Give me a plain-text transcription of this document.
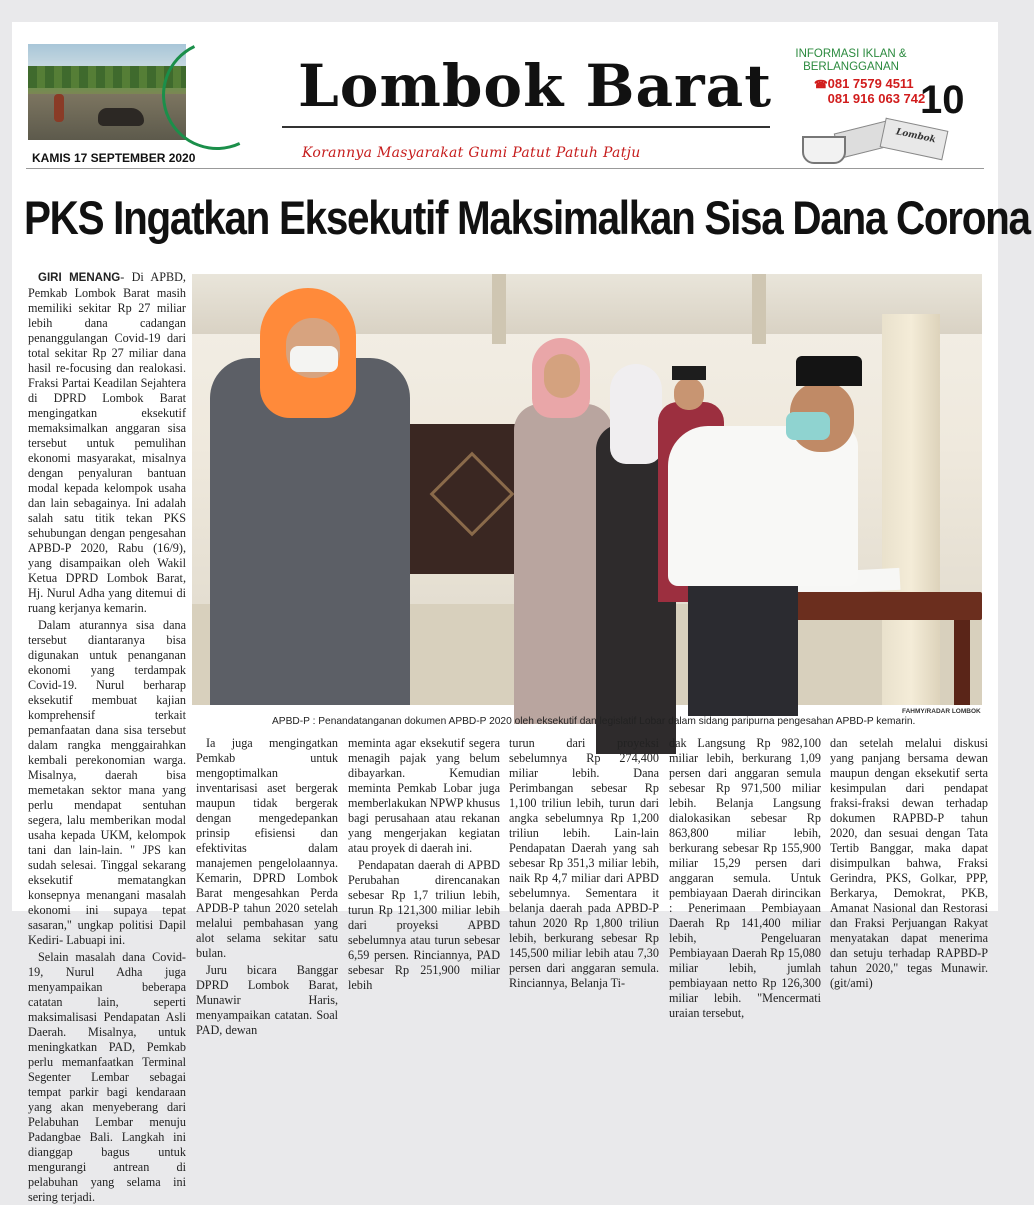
Lombok Barat
Korannya Masyarakat Gumi Patut Patuh Patju
KAMIS 17 SEPTEMBER 2020
INFORMASI IKLAN &
BERLANGGANAN
☎ 081 7579 4511
081 916 063 742
10
Lombok
PKS Ingatkan Eksekutif Maksimalkan Sisa Dana Corona

GIRI MENANG- Di APBD, Pemkab Lombok Barat masih memiliki sekitar Rp 27 miliar lebih dana cadangan penanggulangan Covid-19 dari total sekitar Rp 27 miliar dana hasil re-focusing dan realokasi. Fraksi Partai Keadilan Sejahtera di DPRD Lombok Barat mengingatkan eksekutif memaksimalkan anggaran sisa tersebut untuk pemulihan ekonomi masyarakat, misalnya dengan penyaluran bantuan modal kepada kelompok usaha dan lain sebagainya. Ini adalah salah satu titik tekan PKS sehubungan dengan pengesahan APBD-P 2020, Rabu (16/9), yang disampaikan oleh Wakil Ketua DPRD Lombok Barat, Hj. Nurul Adha yang ditemui di ruang kerjanya kemarin.

Dalam aturannya sisa dana tersebut diantaranya bisa digunakan untuk penanganan ekonomi yang terdampak Covid-19. Nurul berharap eksekutif membuat kajian komprehensif terkait pemanfaatan dana sisa tersebut dalam rangka menggairahkan kembali perekonomian warga. Misalnya, daerah bisa memetakan sektor mana yang perlu mendapat sentuhan segera, lalu memberikan modal usaha kepada UKM, kelompok tani dan lain-lain. " JPS kan sudah selesai. Tinggal sekarang eksekutif mematangkan konsepnya menangani masalah ekonomi ini supaya tepat sasaran," ungkap politisi Dapil Kediri- Labuapi ini.

Selain masalah dana Covid-19, Nurul Adha juga menyampaikan beberapa catatan lain, seperti maksimalisasi Pendapatan Asli Daerah. Misalnya, untuk meningkatkan PAD, Pemkab perlu memanfaatkan Terminal Segenter Lembar sebagai tempat parkir bagi kendaraan yang akan menyeberang dari Pelabuhan Lembar menuju Padangbae Bali. Langkah ini dianggap bagus untuk mengurangi antrean di pelabuhan yang selama ini sering terjadi.

FAHMY/RADAR LOMBOK
APBD-P : Penandatanganan dokumen APBD-P 2020 oleh eksekutif dan legislatif Lobar dalam sidang paripurna pengesahan APBD-P kemarin.

Ia juga mengingatkan Pemkab untuk mengoptimalkan inventarisasi aset bergerak maupun tidak bergerak dengan mengedepankan prinsip efisiensi dan efektivitas dalam manajemen pengelolaannya. Kemarin, DPRD Lombok Barat mengesahkan Perda APDB-P tahun 2020 setelah melalui pembahasan yang alot selama sekitar satu bulan.

Juru bicara Banggar DPRD Lombok Barat, Munawir Haris, menyampaikan catatan. Soal PAD, dewan

meminta agar eksekutif segera menagih pajak yang belum dibayarkan. Kemudian meminta Pemkab Lobar juga memberlakukan NPWP khusus bagi perusahaan atau rekanan yang mengerjakan kegiatan atau proyek di daerah ini.

Pendapatan daerah di APBD Perubahan direncanakan sebesar Rp 1,7 triliun lebih, turun Rp 121,300 miliar lebih dari proyeksi APBD sebelumnya atau turun sebesar 6,59 persen. Rinciannya, PAD sebesar Rp 251,900 miliar lebih

turun dari proyeksi sebelumnya Rp 274,400 miliar lebih. Dana Perimbangan sebesar Rp 1,100 triliun lebih, turun dari angka sebelumnya Rp 1,200 triliun lebih. Lain-lain Pendapatan Daerah yang sah sebesar Rp 351,3 miliar lebih, naik Rp 4,7 miliar dari APBD sebelumnya. Sementara it belanja daerah pada APBD-P tahun 2020 Rp 1,800 triliun lebih, berkurang sebesar Rp 145,500 miliar lebih atau 7,30 persen dari anggaran semula. Rinciannya, Belanja Ti-

dak Langsung Rp 982,100 miliar lebih, berkurang 1,09 persen dari anggaran semula sebesar Rp 971,500 miliar lebih. Belanja Langsung dialokasikan sebesar Rp 863,800 miliar lebih, berkurang sebesar Rp 155,900 miliar 15,29 persen dari anggaran semula. Untuk pembiayaan Daerah dirincikan : Penerimaan Pembiayaan Daerah Rp 141,400 miliar lebih, Pengeluaran Pembiayaan Daerah Rp 15,080 miliar lebih, jumlah pembiayaan netto Rp 126,300 miliar lebih. "Mencermati uraian tersebut,

dan setelah melalui diskusi yang panjang bersama dewan maupun dengan eksekutif serta kesimpulan dari pendapat fraksi-fraksi dewan terhadap dokumen RAPBD-P tahun 2020, dan sesuai dengan Tata Tertib Banggar, maka dapat disimpulkan bahwa, Fraksi Gerindra, PKS, Golkar, PPP, Berkarya, Demokrat, PKB, Amanat Nasional dan Restorasi dan Fraksi Perjuangan Rakyat menyatakan dapat menerima dan setuju terhadap RAPBD-P tahun 2020," tegas Munawir. (git/ami)
